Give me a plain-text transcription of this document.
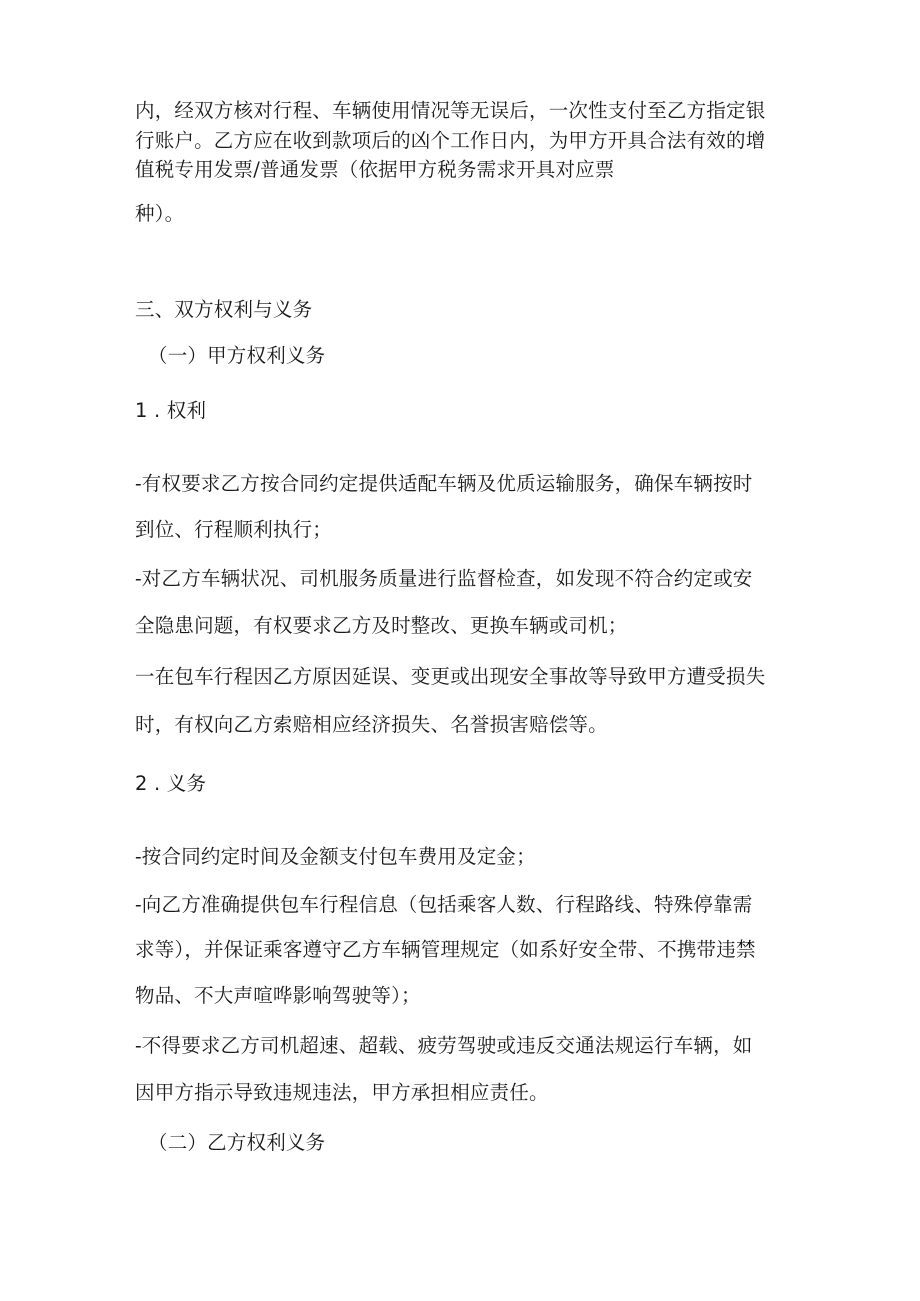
内，经双方核对行程、车辆使用情况等无误后，一次性支付至乙方指定银
行账户。乙方应在收到款项后的凶个工作日内，为甲方开具合法有效的增
值税专用发票/普通发票（依据甲方税务需求开具对应票
种）。
三、双方权利与义务
（一）甲方权利义务
1 . 权利
-有权要求乙方按合同约定提供适配车辆及优质运输服务，确保车辆按时
到位、行程顺利执行；
-对乙方车辆状况、司机服务质量进行监督检查，如发现不符合约定或安
全隐患问题，有权要求乙方及时整改、更换车辆或司机；
一在包车行程因乙方原因延误、变更或出现安全事故等导致甲方遭受损失
时，有权向乙方索赔相应经济损失、名誉损害赔偿等。
2 . 义务
-按合同约定时间及金额支付包车费用及定金；
-向乙方准确提供包车行程信息（包括乘客人数、行程路线、特殊停靠需
求等），并保证乘客遵守乙方车辆管理规定（如系好安全带、不携带违禁
物品、不大声喧哗影响驾驶等）；
-不得要求乙方司机超速、超载、疲劳驾驶或违反交通法规运行车辆，如
因甲方指示导致违规违法，甲方承担相应责任。
（二）乙方权利义务
